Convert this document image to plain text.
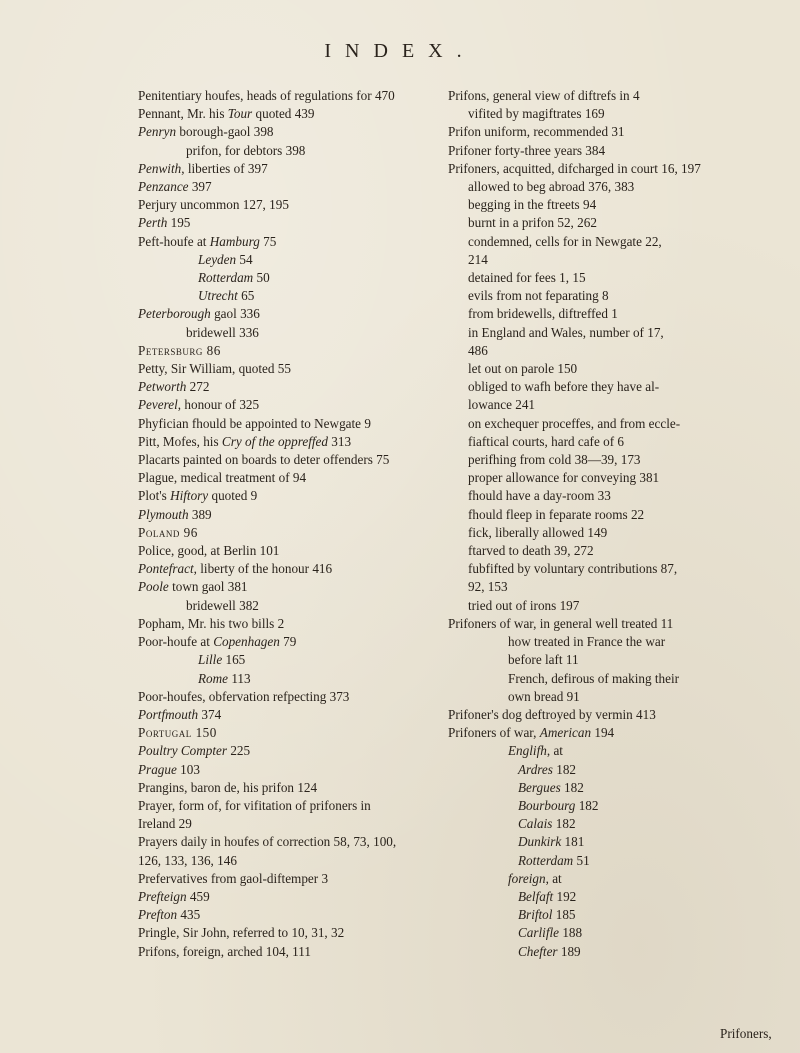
INDEX.
Penitentiary houfes, heads of regulations for 470
Pennant, Mr. his Tour quoted 439
Penryn borough-gaol 398
prifon, for debtors 398
Penwith, liberties of 397
Penzance 397
Perjury uncommon 127, 195
Perth 195
Peft-houfe at Hamburg 75
Leyden 54
Rotterdam 50
Utrecht 65
Peterborough gaol 336
bridewell 336
Petersburg 86
Petty, Sir William, quoted 55
Petworth 272
Peverel, honour of 325
Phyfician fhould be appointed to Newgate 9
Pitt, Mofes, his Cry of the oppreffed 313
Placarts painted on boards to deter offenders 75
Plague, medical treatment of 94
Plot's Hiftory quoted 9
Plymouth 389
Poland 96
Police, good, at Berlin 101
Pontefract, liberty of the honour 416
Poole town gaol 381
bridewell 382
Popham, Mr. his two bills 2
Poor-houfe at Copenhagen 79
Lille 165
Rome 113
Poor-houfes, obfervation refpecting 373
Portfmouth 374
Portugal 150
Poultry Compter 225
Prague 103
Prangins, baron de, his prifon 124
Prayer, form of, for vifitation of prifoners in
Ireland 29
Prayers daily in houfes of correction 58, 73, 100,
126, 133, 136, 146
Prefervatives from gaol-diftemper 3
Prefteign 459
Prefton 435
Pringle, Sir John, referred to 10, 31, 32
Prifons, foreign, arched 104, 111
Prifons, general view of diftrefs in 4
vifited by magiftrates 169
Prifon uniform, recommended 31
Prifoner forty-three years 384
Prifoners, acquitted, difcharged in court 16, 197
allowed to beg abroad 376, 383
begging in the ftreets 94
burnt in a prifon 52, 262
condemned, cells for in Newgate 22,
214
detained for fees 1, 15
evils from not feparating 8
from bridewells, diftreffed 1
in England and Wales, number of 17,
486
let out on parole 150
obliged to wafh before they have al-
lowance 241
on exchequer proceffes, and from eccle-
fiaftical courts, hard cafe of 6
perifhing from cold 38—39, 173
proper allowance for conveying 381
fhould have a day-room 33
fhould fleep in feparate rooms 22
fick, liberally allowed 149
ftarved to death 39, 272
fubfifted by voluntary contributions 87,
92, 153
tried out of irons 197
Prifoners of war, in general well treated 11
how treated in France the war
before laft 11
French, defirous of making their
own bread 91
Prifoner's dog deftroyed by vermin 413
Prifoners of war, American 194
Englifh, at
Ardres 182
Bergues 182
Bourbourg 182
Calais 182
Dunkirk 181
Rotterdam 51
foreign, at
Belfaft 192
Briftol 185
Carlifle 188
Chefter 189
Prifoners,
